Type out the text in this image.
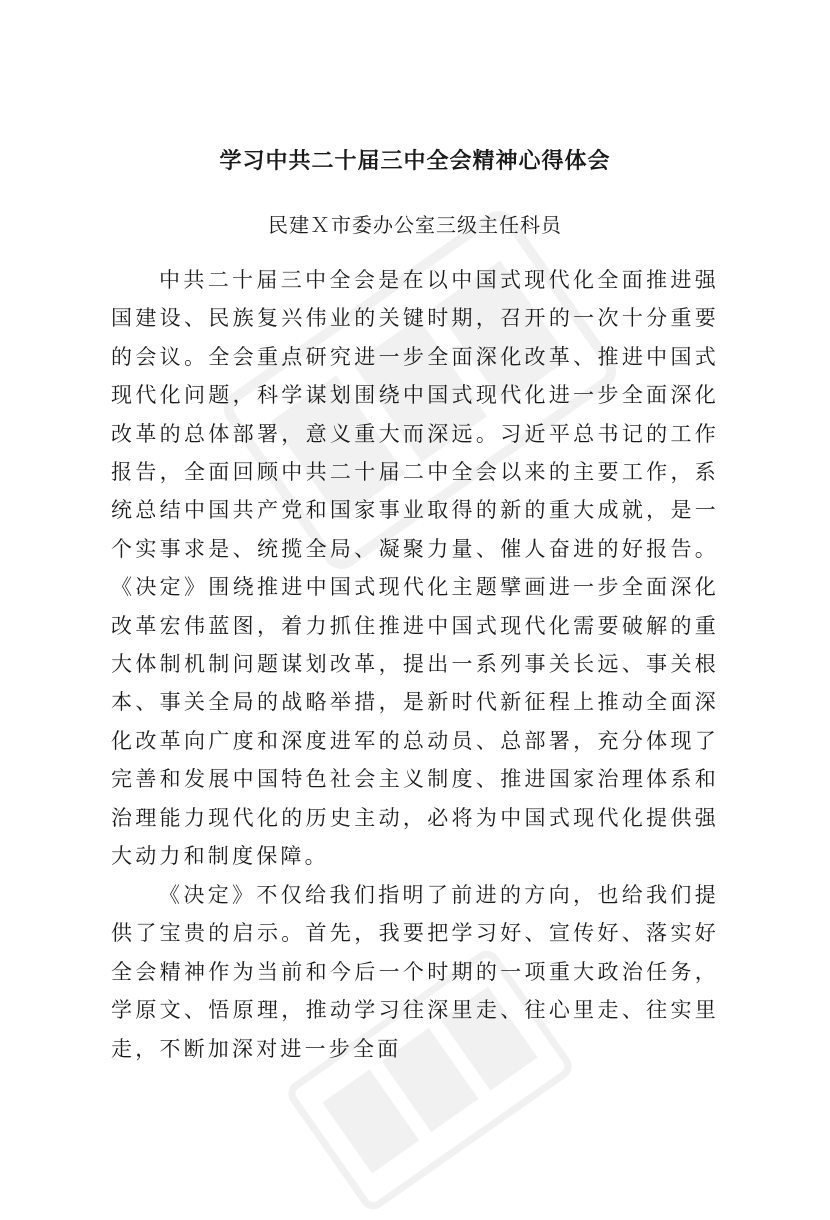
学习中共二十届三中全会精神心得体会
民建Ｘ市委办公室三级主任科员

中共二十届三中全会是在以中国式现代化全面推进强国建设、民族复兴伟业的关键时期，召开的一次十分重要的会议。全会重点研究进一步全面深化改革、推进中国式现代化问题，科学谋划围绕中国式现代化进一步全面深化改革的总体部署，意义重大而深远。习近平总书记的工作报告，全面回顾中共二十届二中全会以来的主要工作，系统总结中国共产党和国家事业取得的新的重大成就，是一个实事求是、统揽全局、凝聚力量、催人奋进的好报告。《决定》围绕推进中国式现代化主题擘画进一步全面深化改革宏伟蓝图，着力抓住推进中国式现代化需要破解的重大体制机制问题谋划改革，提出一系列事关长远、事关根本、事关全局的战略举措，是新时代新征程上推动全面深化改革向广度和深度进军的总动员、总部署，充分体现了完善和发展中国特色社会主义制度、推进国家治理体系和治理能力现代化的历史主动，必将为中国式现代化提供强大动力和制度保障。

《决定》不仅给我们指明了前进的方向，也给我们提供了宝贵的启示。首先，我要把学习好、宣传好、落实好全会精神作为当前和今后一个时期的一项重大政治任务，学原文、悟原理，推动学习往深里走、往心里走、往实里走，不断加深对进一步全面
